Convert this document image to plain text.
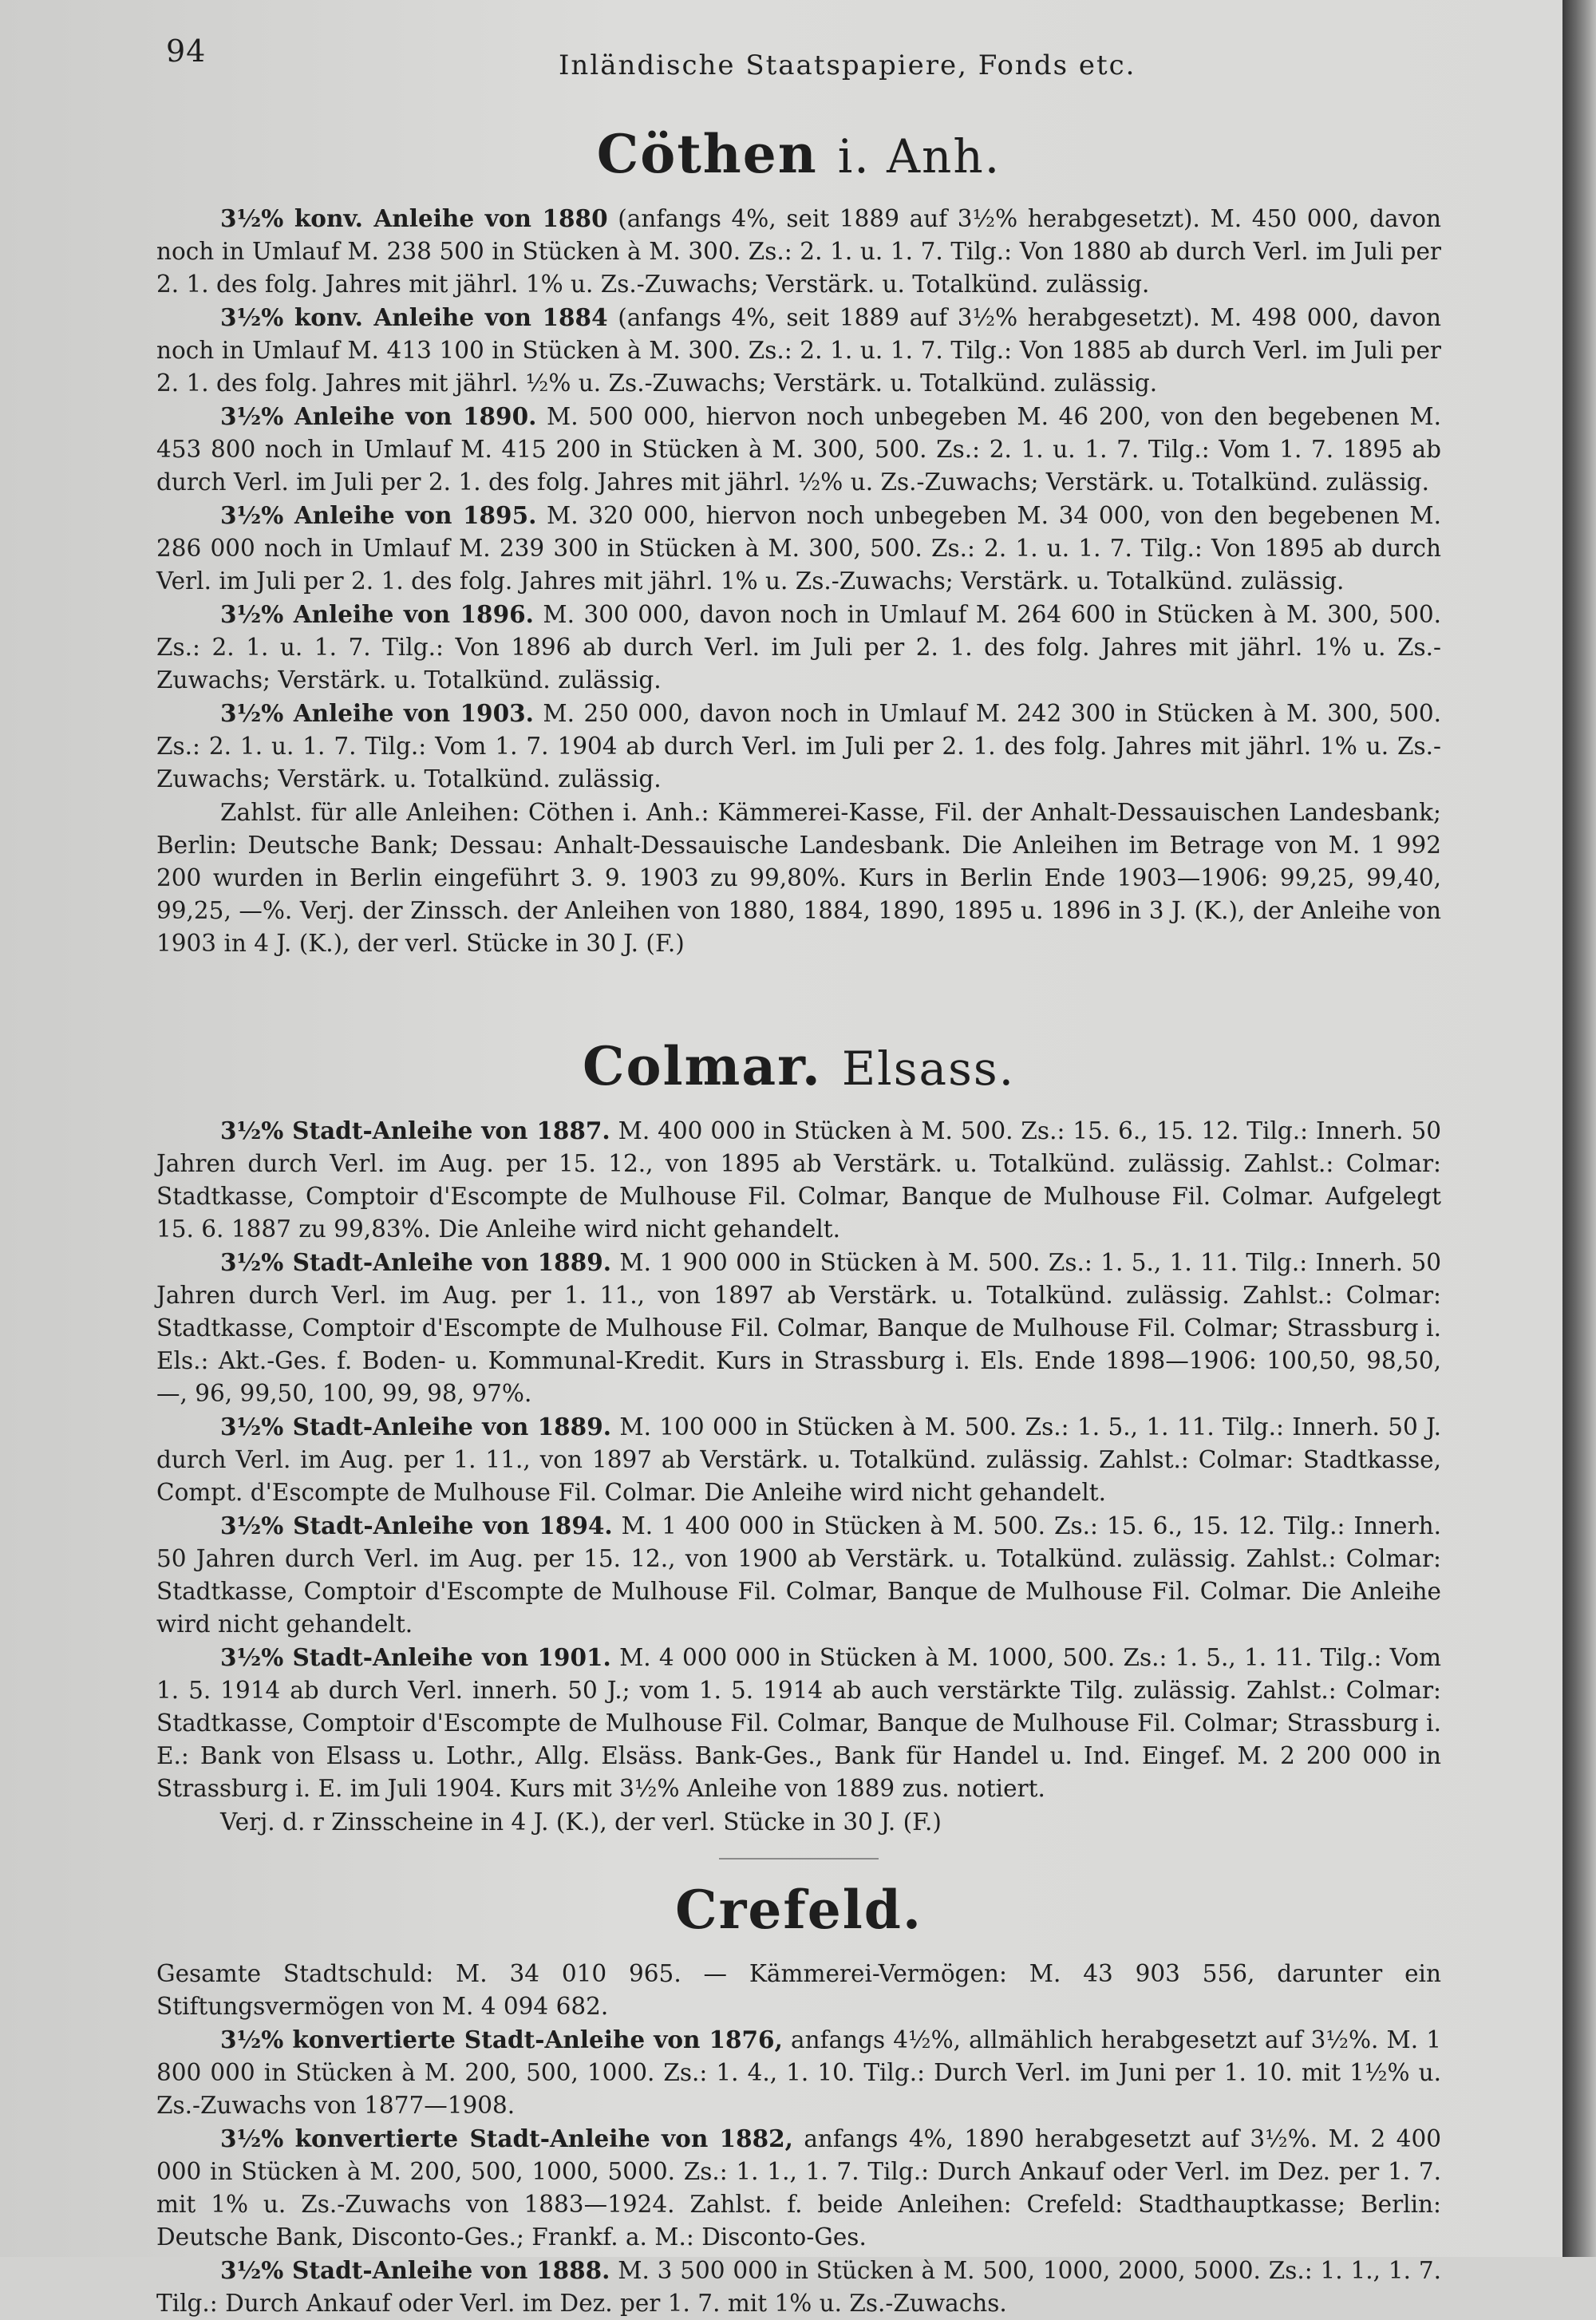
94	Inländische Staatspapiere, Fonds etc.
Cöthen i. Anh.

3½% konv. Anleihe von 1880 (anfangs 4%, seit 1889 auf 3½% herabgesetzt). M. 450 000, davon noch in Umlauf M. 238 500 in Stücken à M. 300. Zs.: 2. 1. u. 1. 7. Tilg.: Von 1880 ab durch Verl. im Juli per 2. 1. des folg. Jahres mit jährl. 1% u. Zs.-Zuwachs; Verstärk. u. Totalkünd. zulässig.

3½% konv. Anleihe von 1884 (anfangs 4%, seit 1889 auf 3½% herabgesetzt). M. 498 000, davon noch in Umlauf M. 413 100 in Stücken à M. 300. Zs.: 2. 1. u. 1. 7. Tilg.: Von 1885 ab durch Verl. im Juli per 2. 1. des folg. Jahres mit jährl. ½% u. Zs.-Zuwachs; Verstärk. u. Totalkünd. zulässig.

3½% Anleihe von 1890. M. 500 000, hiervon noch unbegeben M. 46 200, von den begebenen M. 453 800 noch in Umlauf M. 415 200 in Stücken à M. 300, 500. Zs.: 2. 1. u. 1. 7. Tilg.: Vom 1. 7. 1895 ab durch Verl. im Juli per 2. 1. des folg. Jahres mit jährl. ½% u. Zs.-Zuwachs; Verstärk. u. Totalkünd. zulässig.

3½% Anleihe von 1895. M. 320 000, hiervon noch unbegeben M. 34 000, von den begebenen M. 286 000 noch in Umlauf M. 239 300 in Stücken à M. 300, 500. Zs.: 2. 1. u. 1. 7. Tilg.: Von 1895 ab durch Verl. im Juli per 2. 1. des folg. Jahres mit jährl. 1% u. Zs.-Zuwachs; Verstärk. u. Totalkünd. zulässig.

3½% Anleihe von 1896. M. 300 000, davon noch in Umlauf M. 264 600 in Stücken à M. 300, 500. Zs.: 2. 1. u. 1. 7. Tilg.: Von 1896 ab durch Verl. im Juli per 2. 1. des folg. Jahres mit jährl. 1% u. Zs.-Zuwachs; Verstärk. u. Totalkünd. zulässig.

3½% Anleihe von 1903. M. 250 000, davon noch in Umlauf M. 242 300 in Stücken à M. 300, 500. Zs.: 2. 1. u. 1. 7. Tilg.: Vom 1. 7. 1904 ab durch Verl. im Juli per 2. 1. des folg. Jahres mit jährl. 1% u. Zs.-Zuwachs; Verstärk. u. Totalkünd. zulässig.

Zahlst. für alle Anleihen: Cöthen i. Anh.: Kämmerei-Kasse, Fil. der Anhalt-Dessauischen Landesbank; Berlin: Deutsche Bank; Dessau: Anhalt-Dessauische Landesbank. Die Anleihen im Betrage von M. 1 992 200 wurden in Berlin eingeführt 3. 9. 1903 zu 99,80%. Kurs in Berlin Ende 1903—1906: 99,25, 99,40, 99,25, —%. Verj. der Zinssch. der Anleihen von 1880, 1884, 1890, 1895 u. 1896 in 3 J. (K.), der Anleihe von 1903 in 4 J. (K.), der verl. Stücke in 30 J. (F.)

Colmar. Elsass.

3½% Stadt-Anleihe von 1887. M. 400 000 in Stücken à M. 500. Zs.: 15. 6., 15. 12. Tilg.: Innerh. 50 Jahren durch Verl. im Aug. per 15. 12., von 1895 ab Verstärk. u. Totalkünd. zulässig. Zahlst.: Colmar: Stadtkasse, Comptoir d'Escompte de Mulhouse Fil. Colmar, Banque de Mulhouse Fil. Colmar. Aufgelegt 15. 6. 1887 zu 99,83%. Die Anleihe wird nicht gehandelt.

3½% Stadt-Anleihe von 1889. M. 1 900 000 in Stücken à M. 500. Zs.: 1. 5., 1. 11. Tilg.: Innerh. 50 Jahren durch Verl. im Aug. per 1. 11., von 1897 ab Verstärk. u. Totalkünd. zulässig. Zahlst.: Colmar: Stadtkasse, Comptoir d'Escompte de Mulhouse Fil. Colmar, Banque de Mulhouse Fil. Colmar; Strassburg i. Els.: Akt.-Ges. f. Boden- u. Kommunal-Kredit. Kurs in Strassburg i. Els. Ende 1898—1906: 100,50, 98,50, —, 96, 99,50, 100, 99, 98, 97%.

3½% Stadt-Anleihe von 1889. M. 100 000 in Stücken à M. 500. Zs.: 1. 5., 1. 11. Tilg.: Innerh. 50 J. durch Verl. im Aug. per 1. 11., von 1897 ab Verstärk. u. Totalkünd. zulässig. Zahlst.: Colmar: Stadtkasse, Compt. d'Escompte de Mulhouse Fil. Colmar. Die Anleihe wird nicht gehandelt.

3½% Stadt-Anleihe von 1894. M. 1 400 000 in Stücken à M. 500. Zs.: 15. 6., 15. 12. Tilg.: Innerh. 50 Jahren durch Verl. im Aug. per 15. 12., von 1900 ab Verstärk. u. Totalkünd. zulässig. Zahlst.: Colmar: Stadtkasse, Comptoir d'Escompte de Mulhouse Fil. Colmar, Banque de Mulhouse Fil. Colmar. Die Anleihe wird nicht gehandelt.

3½% Stadt-Anleihe von 1901. M. 4 000 000 in Stücken à M. 1000, 500. Zs.: 1. 5., 1. 11. Tilg.: Vom 1. 5. 1914 ab durch Verl. innerh. 50 J.; vom 1. 5. 1914 ab auch verstärkte Tilg. zulässig. Zahlst.: Colmar: Stadtkasse, Comptoir d'Escompte de Mulhouse Fil. Colmar, Banque de Mulhouse Fil. Colmar; Strassburg i. E.: Bank von Elsass u. Lothr., Allg. Elsäss. Bank-Ges., Bank für Handel u. Ind. Eingef. M. 2 200 000 in Strassburg i. E. im Juli 1904. Kurs mit 3½% Anleihe von 1889 zus. notiert.

Verj. d. r Zinsscheine in 4 J. (K.), der verl. Stücke in 30 J. (F.)

Crefeld.

Gesamte Stadtschuld: M. 34 010 965. — Kämmerei-Vermögen: M. 43 903 556, darunter ein Stiftungsvermögen von M. 4 094 682.

3½% konvertierte Stadt-Anleihe von 1876, anfangs 4½%, allmählich herabgesetzt auf 3½%. M. 1 800 000 in Stücken à M. 200, 500, 1000. Zs.: 1. 4., 1. 10. Tilg.: Durch Verl. im Juni per 1. 10. mit 1½% u. Zs.-Zuwachs von 1877—1908.

3½% konvertierte Stadt-Anleihe von 1882, anfangs 4%, 1890 herabgesetzt auf 3½%. M. 2 400 000 in Stücken à M. 200, 500, 1000, 5000. Zs.: 1. 1., 1. 7. Tilg.: Durch Ankauf oder Verl. im Dez. per 1. 7. mit 1% u. Zs.-Zuwachs von 1883—1924. Zahlst. f. beide Anleihen: Crefeld: Stadthauptkasse; Berlin: Deutsche Bank, Disconto-Ges.; Frankf. a. M.: Disconto-Ges.

3½% Stadt-Anleihe von 1888. M. 3 500 000 in Stücken à M. 500, 1000, 2000, 5000. Zs.: 1. 1., 1. 7. Tilg.: Durch Ankauf oder Verl. im Dez. per 1. 7. mit 1% u. Zs.-Zuwachs.
